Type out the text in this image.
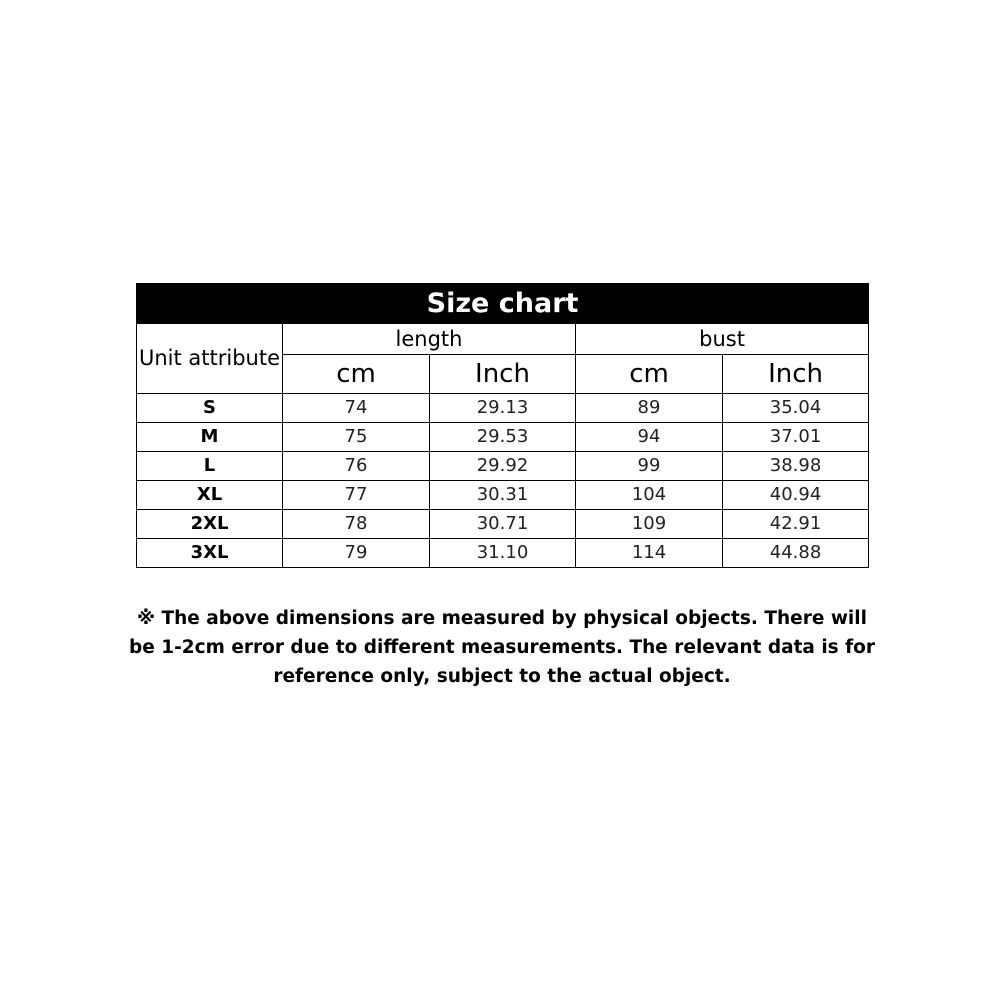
Size chart				
Unit attribute	length		bust	
	cm	Inch	cm	Inch
S	74	29.13	89	35.04
M	75	29.53	94	37.01
L	76	29.92	99	38.98
XL	77	30.31	104	40.94
2XL	78	30.71	109	42.91
3XL	79	31.10	114	44.88
※ The above dimensions are measured by physical objects. There will
be 1-2cm error due to different measurements. The relevant data is for
reference only, subject to the actual object.
